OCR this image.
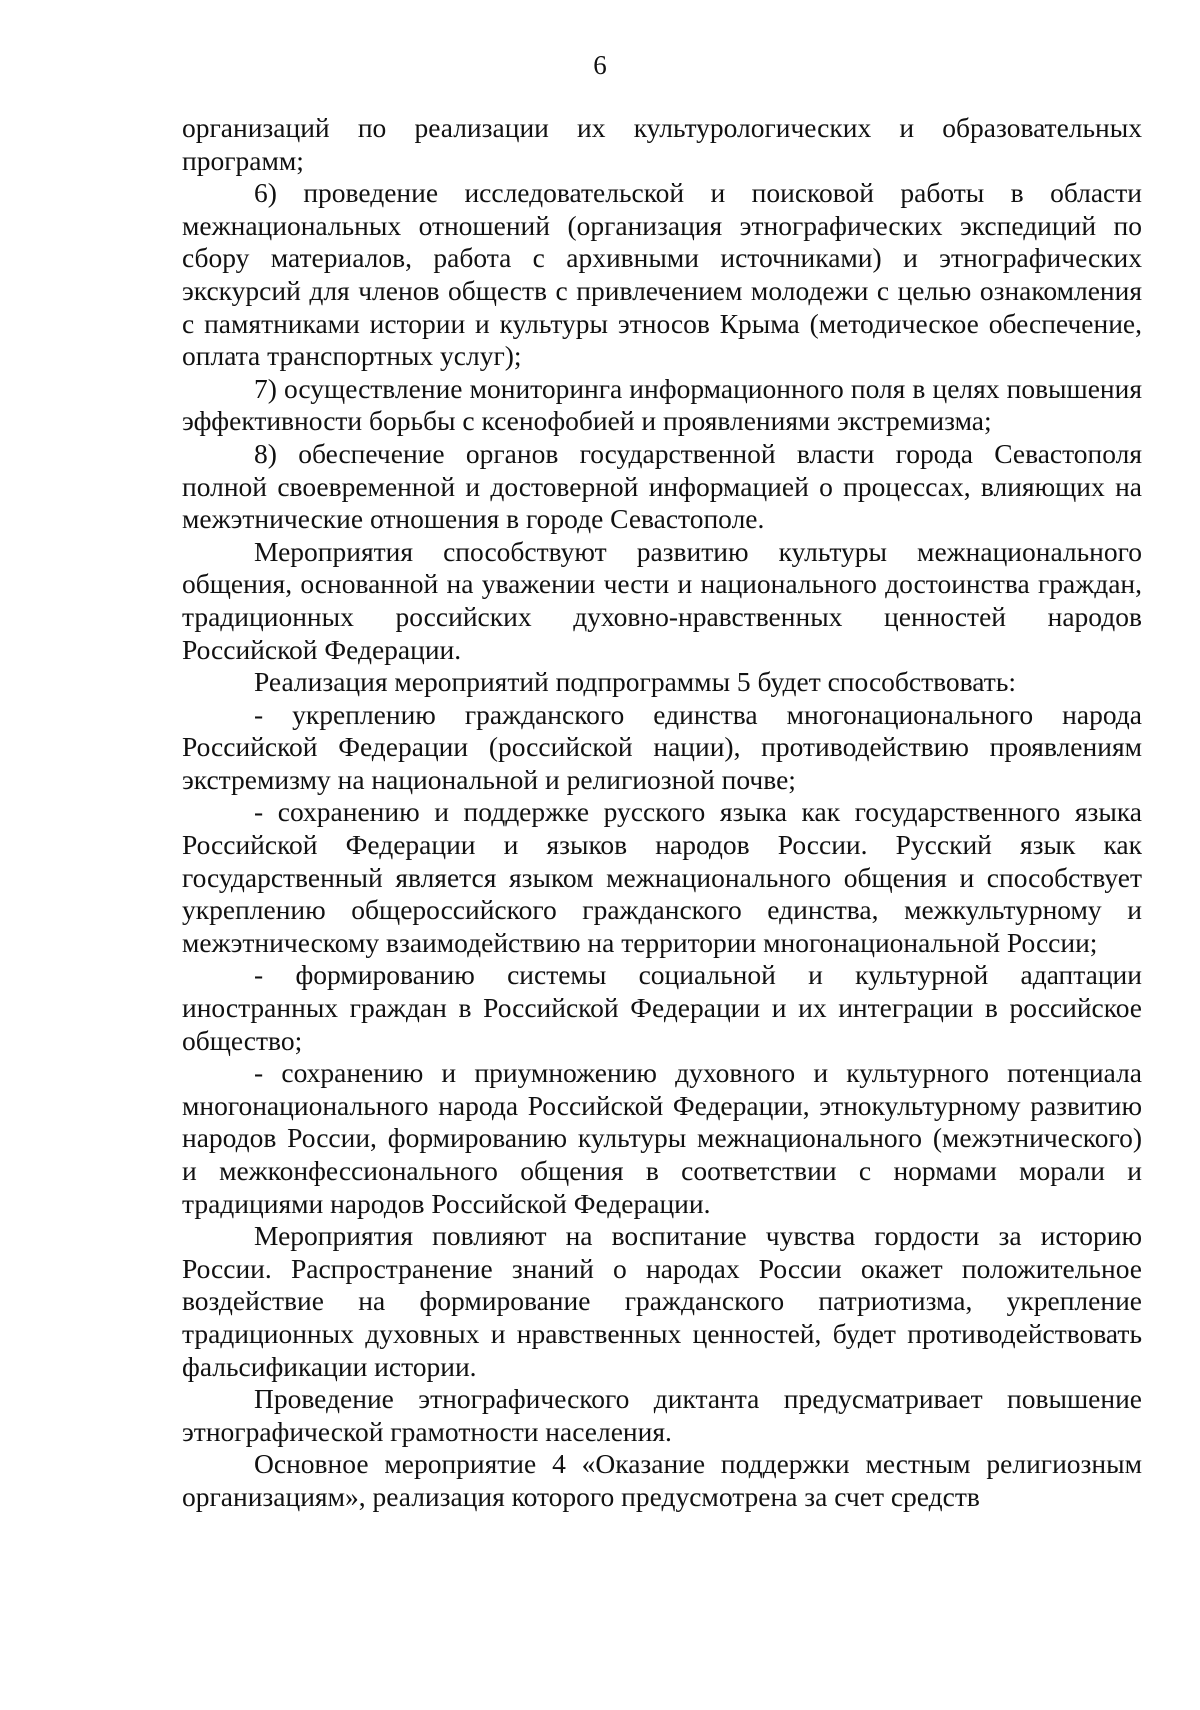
6

организаций по реализации их культурологических и образовательных программ;

6) проведение исследовательской и поисковой работы в области межнациональных отношений (организация этнографических экспедиций по сбору материалов, работа с архивными источниками) и этнографических экскурсий для членов обществ с привлечением молодежи с целью ознакомления с памятниками истории и культуры этносов Крыма (методическое обеспечение, оплата транспортных услуг);

7) осуществление мониторинга информационного поля в целях повышения эффективности борьбы с ксенофобией и проявлениями экстремизма;

8) обеспечение органов государственной власти города Севастополя полной своевременной и достоверной информацией о процессах, влияющих на межэтнические отношения в городе Севастополе.

Мероприятия способствуют развитию культуры межнационального общения, основанной на уважении чести и национального достоинства граждан, традиционных российских духовно-нравственных ценностей народов Российской Федерации.

Реализация мероприятий подпрограммы 5 будет способствовать:

- укреплению гражданского единства многонационального народа Российской Федерации (российской нации), противодействию проявлениям экстремизму на национальной и религиозной почве;

- сохранению и поддержке русского языка как государственного языка Российской Федерации и языков народов России. Русский язык как государственный является языком межнационального общения и способствует укреплению общероссийского гражданского единства, межкультурному и межэтническому взаимодействию на территории многонациональной России;

- формированию системы социальной и культурной адаптации иностранных граждан в Российской Федерации и их интеграции в российское общество;

- сохранению и приумножению духовного и культурного потенциала многонационального народа Российской Федерации, этнокультурному развитию народов России, формированию культуры межнационального (межэтнического) и межконфессионального общения в соответствии с нормами морали и традициями народов Российской Федерации.

Мероприятия повлияют на воспитание чувства гордости за историю России. Распространение знаний о народах России окажет положительное воздействие на формирование гражданского патриотизма, укрепление традиционных духовных и нравственных ценностей, будет противодействовать фальсификации истории.

Проведение этнографического диктанта предусматривает повышение этнографической грамотности населения.

Основное мероприятие 4 «Оказание поддержки местным религиозным организациям», реализация которого предусмотрена за счет средств
